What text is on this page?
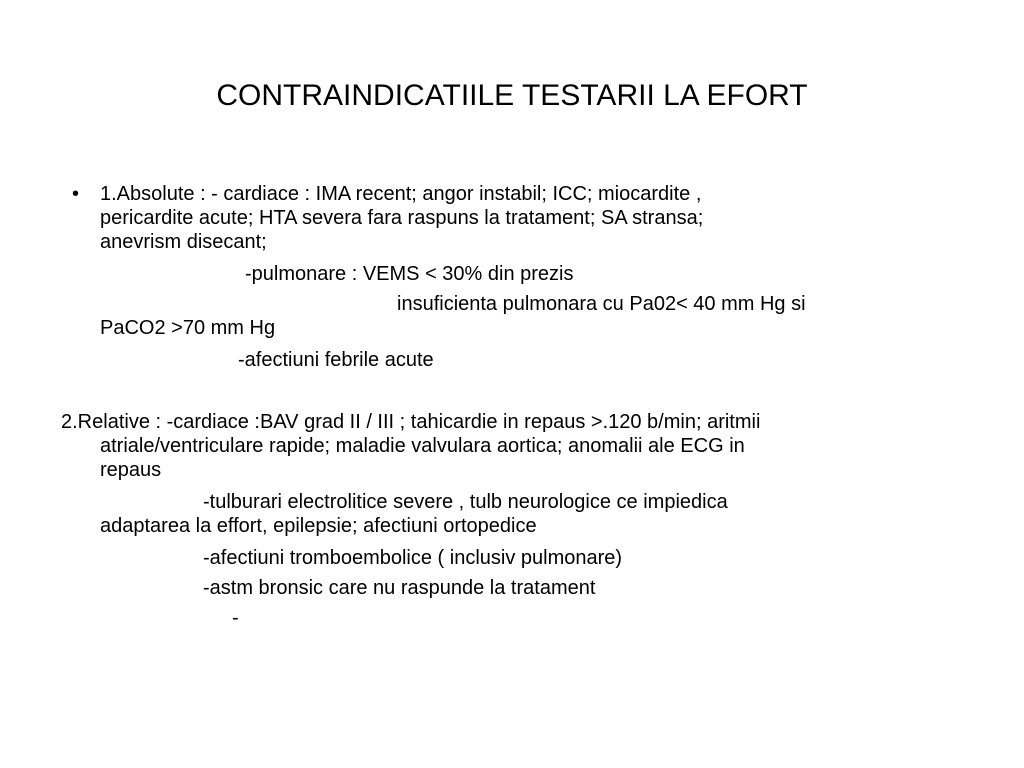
CONTRAINDICATIILE TESTARII LA EFORT
• 1.Absolute : - cardiace : IMA recent; angor instabil; ICC; miocardite ,
pericardite acute; HTA severa fara raspuns la tratament; SA stransa;
anevrism disecant;
-pulmonare : VEMS < 30% din prezis
insuficienta pulmonara cu Pa02< 40 mm Hg si
PaCO2 >70 mm Hg
-afectiuni febrile acute
2.Relative : -cardiace :BAV grad II / III ; tahicardie in repaus >.120 b/min; aritmii
atriale/ventriculare rapide; maladie valvulara aortica; anomalii ale ECG in
repaus
-tulburari electrolitice severe , tulb neurologice ce impiedica
adaptarea la effort, epilepsie; afectiuni ortopedice
-afectiuni tromboembolice ( inclusiv pulmonare)
-astm bronsic care nu raspunde la tratament
-
